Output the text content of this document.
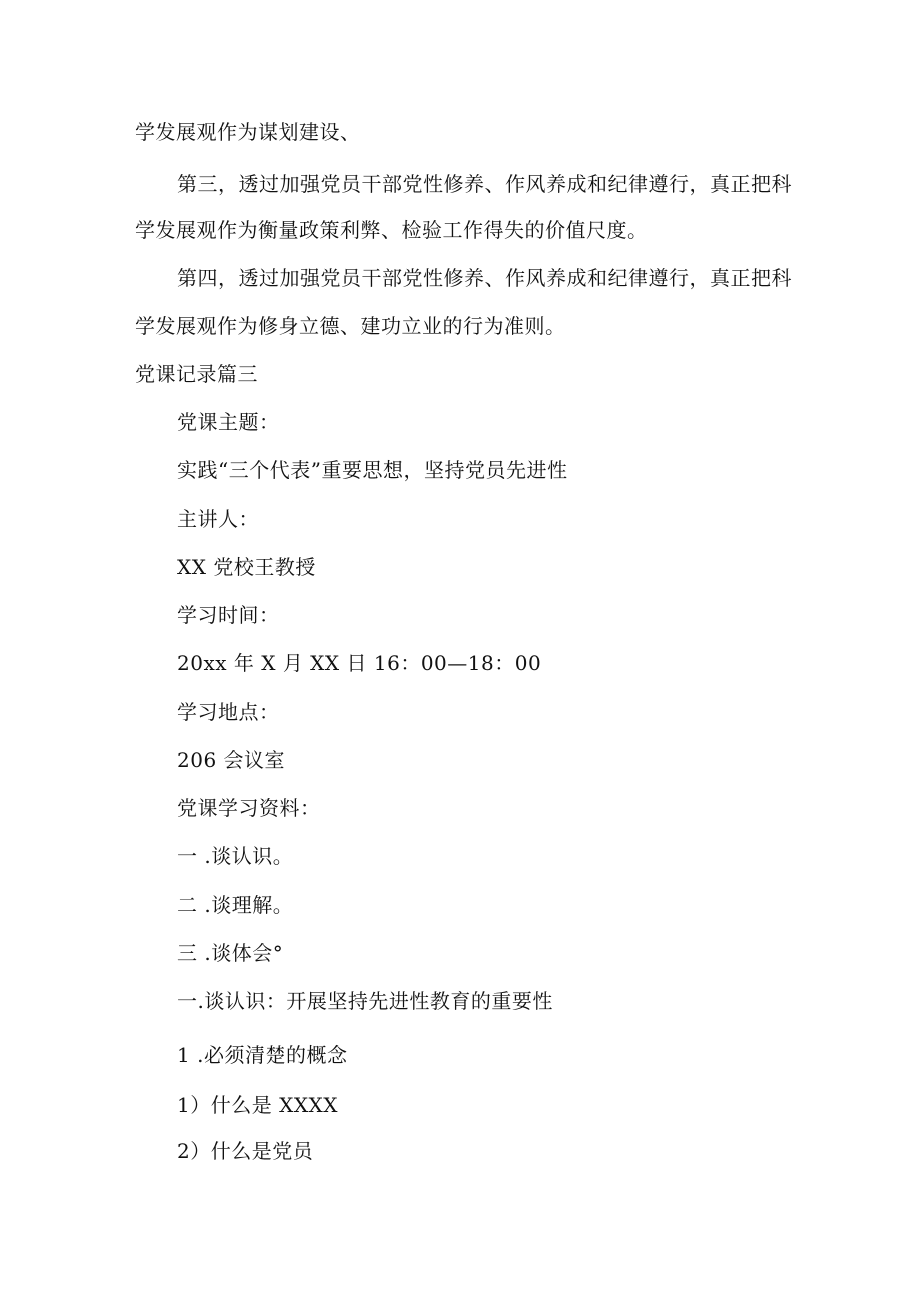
学发展观作为谋划建设、
第三，透过加强党员干部党性修养、作风养成和纪律遵行，真正把科
学发展观作为衡量政策利弊、检验工作得失的价值尺度。
第四，透过加强党员干部党性修养、作风养成和纪律遵行，真正把科
学发展观作为修身立德、建功立业的行为准则。
党课记录篇三
党课主题：
实践“三个代表”重要思想，坚持党员先进性
主讲人：
XX 党校王教授
学习时间：
20xx 年 X 月 XX 日 16：00—18：00
学习地点：
206 会议室
党课学习资料：
一 .谈认识。
二 .谈理解。
三 .谈体会°
一.谈认识：开展坚持先进性教育的重要性
1 .必须清楚的概念
1）什么是 XXXX
2）什么是党员
